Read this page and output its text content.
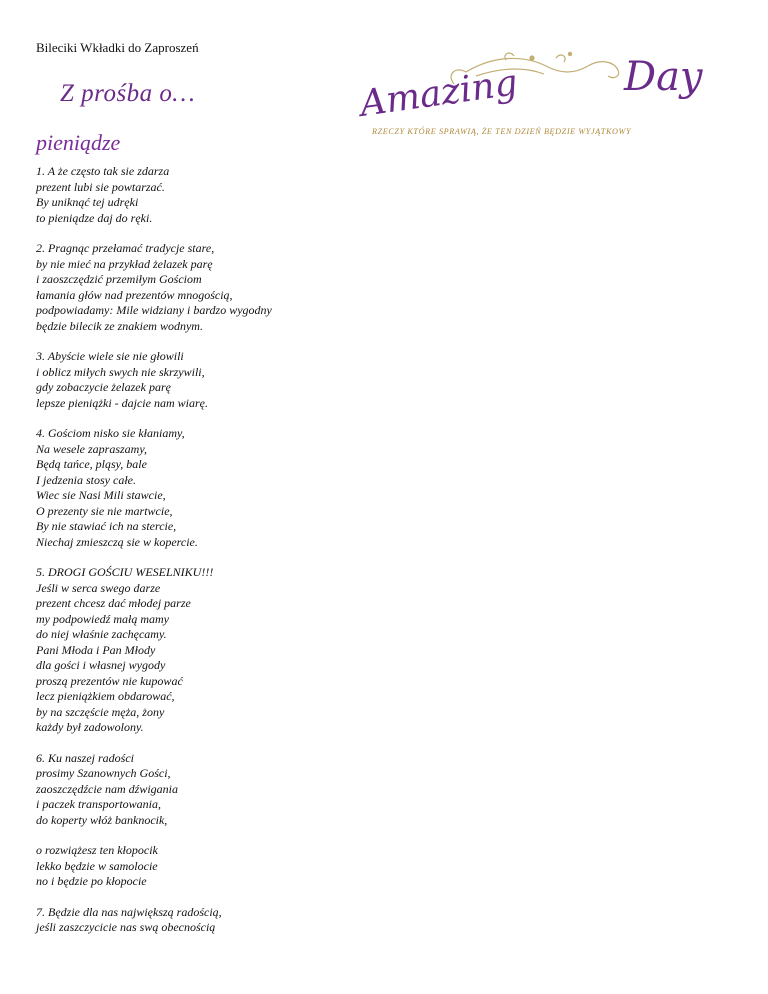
Bileciki Wkładki do Zaproszeń
Z prośba o…
pieniądze
Amazing	Day
RZECZY KTÓRE SPRAWIĄ, ŻE TEN DZIEŃ BĘDZIE WYJĄTKOWY
1. A że często tak sie zdarza
prezent lubi sie powtarzać.
By uniknąć tej udręki
to pieniądze daj do ręki.
2. Pragnąc przełamać tradycje stare,
by nie mieć na przykład żelazek parę
i zaoszczędzić przemiłym Gościom
łamania głów nad prezentów mnogością,
podpowiadamy: Mile widziany i bardzo wygodny
będzie bilecik ze znakiem wodnym.
3. Abyście wiele sie nie głowili
i oblicz miłych swych nie skrzywili,
gdy zobaczycie żelazek parę
lepsze pieniążki - dajcie nam wiarę.
4. Gościom nisko sie kłaniamy,
Na wesele zapraszamy,
Będą tańce, pląsy, bale
I jedzenia stosy całe.
Wiec sie Nasi Mili stawcie,
O prezenty sie nie martwcie,
By nie stawiać ich na stercie,
Niechaj zmieszczą sie w kopercie.
5. DROGI GOŚCIU WESELNIKU!!!
Jeśli w serca swego darze
prezent chcesz dać młodej parze
my podpowiedź małą mamy
do niej właśnie zachęcamy.
Pani Młoda i Pan Młody
dla gości i własnej wygody
proszą prezentów nie kupować
lecz pieniążkiem obdarować,
by na szczęście męża, żony
każdy był zadowolony.
6. Ku naszej radości
prosimy Szanownych Gości,
zaoszczędźcie nam dźwigania
i paczek transportowania,
do koperty włóż banknocik,
o rozwiążesz ten kłopocik
lekko będzie w samolocie
no i będzie po kłopocie
7. Będzie dla nas największą radością,
jeśli zaszczycicie nas swą obecnością
